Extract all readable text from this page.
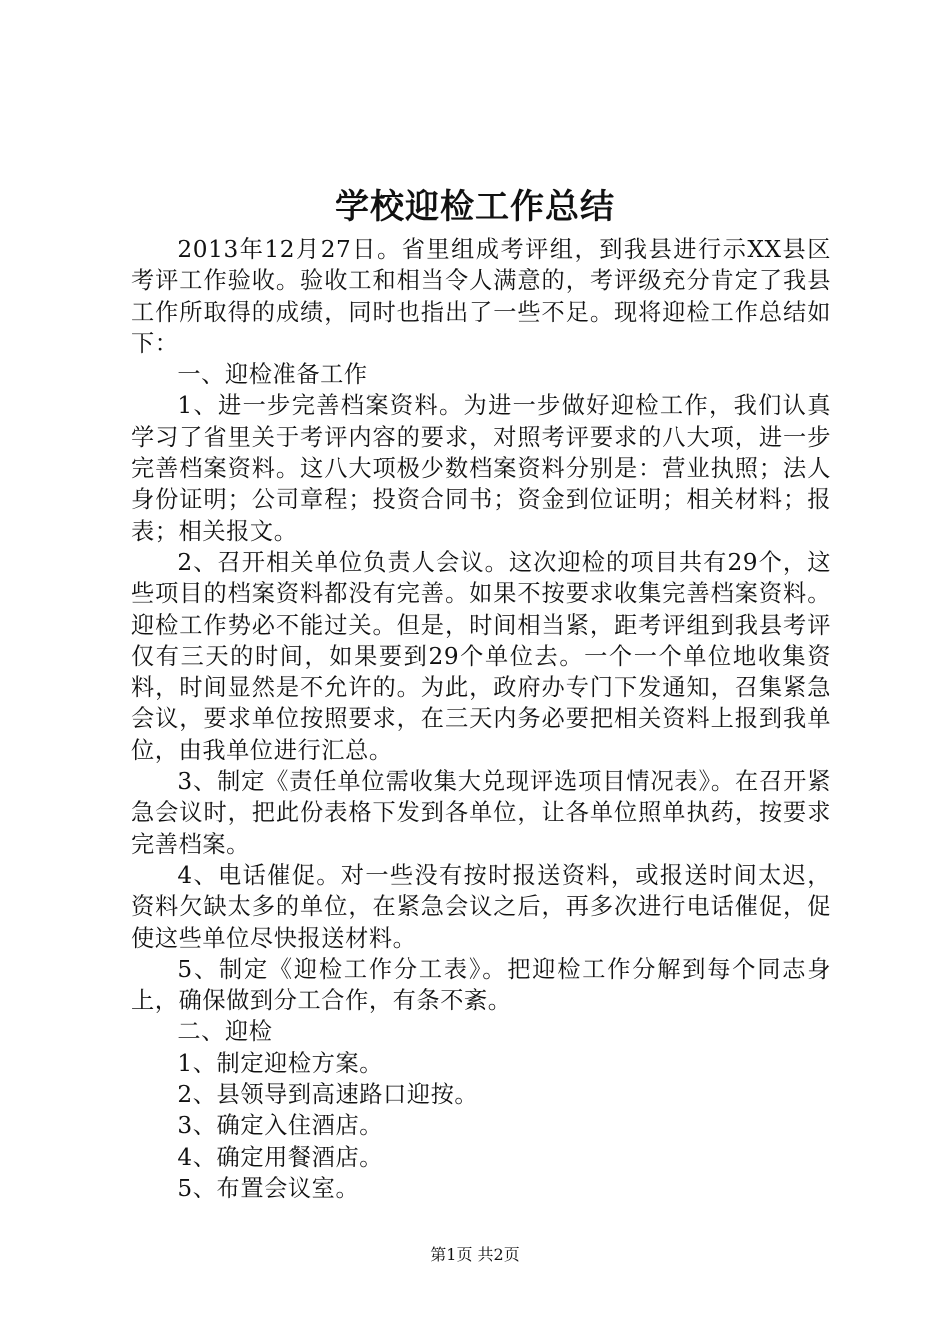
学校迎检工作总结

2013年12月27日。省里组成考评组，到我县进行示XX县区考评工作验收。验收工和相当令人满意的，考评级充分肯定了我县工作所取得的成绩，同时也指出了一些不足。现将迎检工作总结如下：

一、迎检准备工作

1、进一步完善档案资料。为进一步做好迎检工作，我们认真学习了省里关于考评内容的要求，对照考评要求的八大项，进一步完善档案资料。这八大项极少数档案资料分别是：营业执照；法人身份证明；公司章程；投资合同书；资金到位证明；相关材料；报表；相关报文。

2、召开相关单位负责人会议。这次迎检的项目共有29个，这些项目的档案资料都没有完善。如果不按要求收集完善档案资料。迎检工作势必不能过关。但是，时间相当紧，距考评组到我县考评仅有三天的时间，如果要到29个单位去。一个一个单位地收集资料，时间显然是不允许的。为此，政府办专门下发通知，召集紧急会议，要求单位按照要求，在三天内务必要把相关资料上报到我单位，由我单位进行汇总。

3、制定《责任单位需收集大兑现评选项目情况表》。在召开紧急会议时，把此份表格下发到各单位，让各单位照单执药，按要求完善档案。

4、电话催促。对一些没有按时报送资料，或报送时间太迟，资料欠缺太多的单位，在紧急会议之后，再多次进行电话催促，促使这些单位尽快报送材料。

5、制定《迎检工作分工表》。把迎检工作分解到每个同志身上，确保做到分工合作，有条不紊。

二、迎检

1、制定迎检方案。

2、县领导到高速路口迎按。

3、确定入住酒店。

4、确定用餐酒店。

5、布置会议室。

第1页 共2页
